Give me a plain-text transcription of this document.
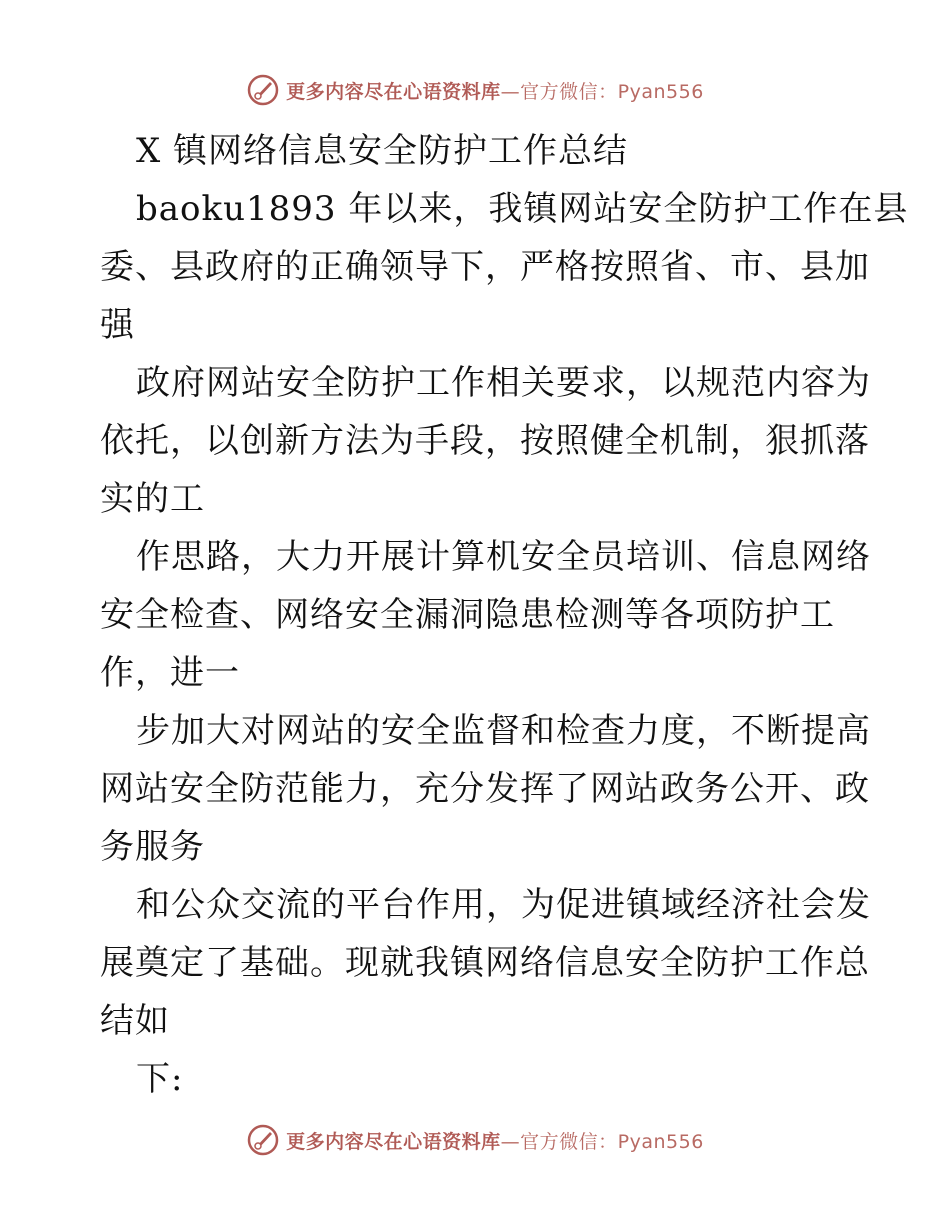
更多内容尽在心语资料库—官方微信：Pyan556
X 镇网络信息安全防护工作总结
baoku1893 年以来，我镇网站安全防护工作在县
委、县政府的正确领导下，严格按照省、市、县加
强
政府网站安全防护工作相关要求，以规范内容为
依托，以创新方法为手段，按照健全机制，狠抓落
实的工
作思路，大力开展计算机安全员培训、信息网络
安全检查、网络安全漏洞隐患检测等各项防护工
作，进一
步加大对网站的安全监督和检查力度，不断提高
网站安全防范能力，充分发挥了网站政务公开、政
务服务
和公众交流的平台作用，为促进镇域经济社会发
展奠定了基础。现就我镇网络信息安全防护工作总
结如
下:
更多内容尽在心语资料库—官方微信：Pyan556
